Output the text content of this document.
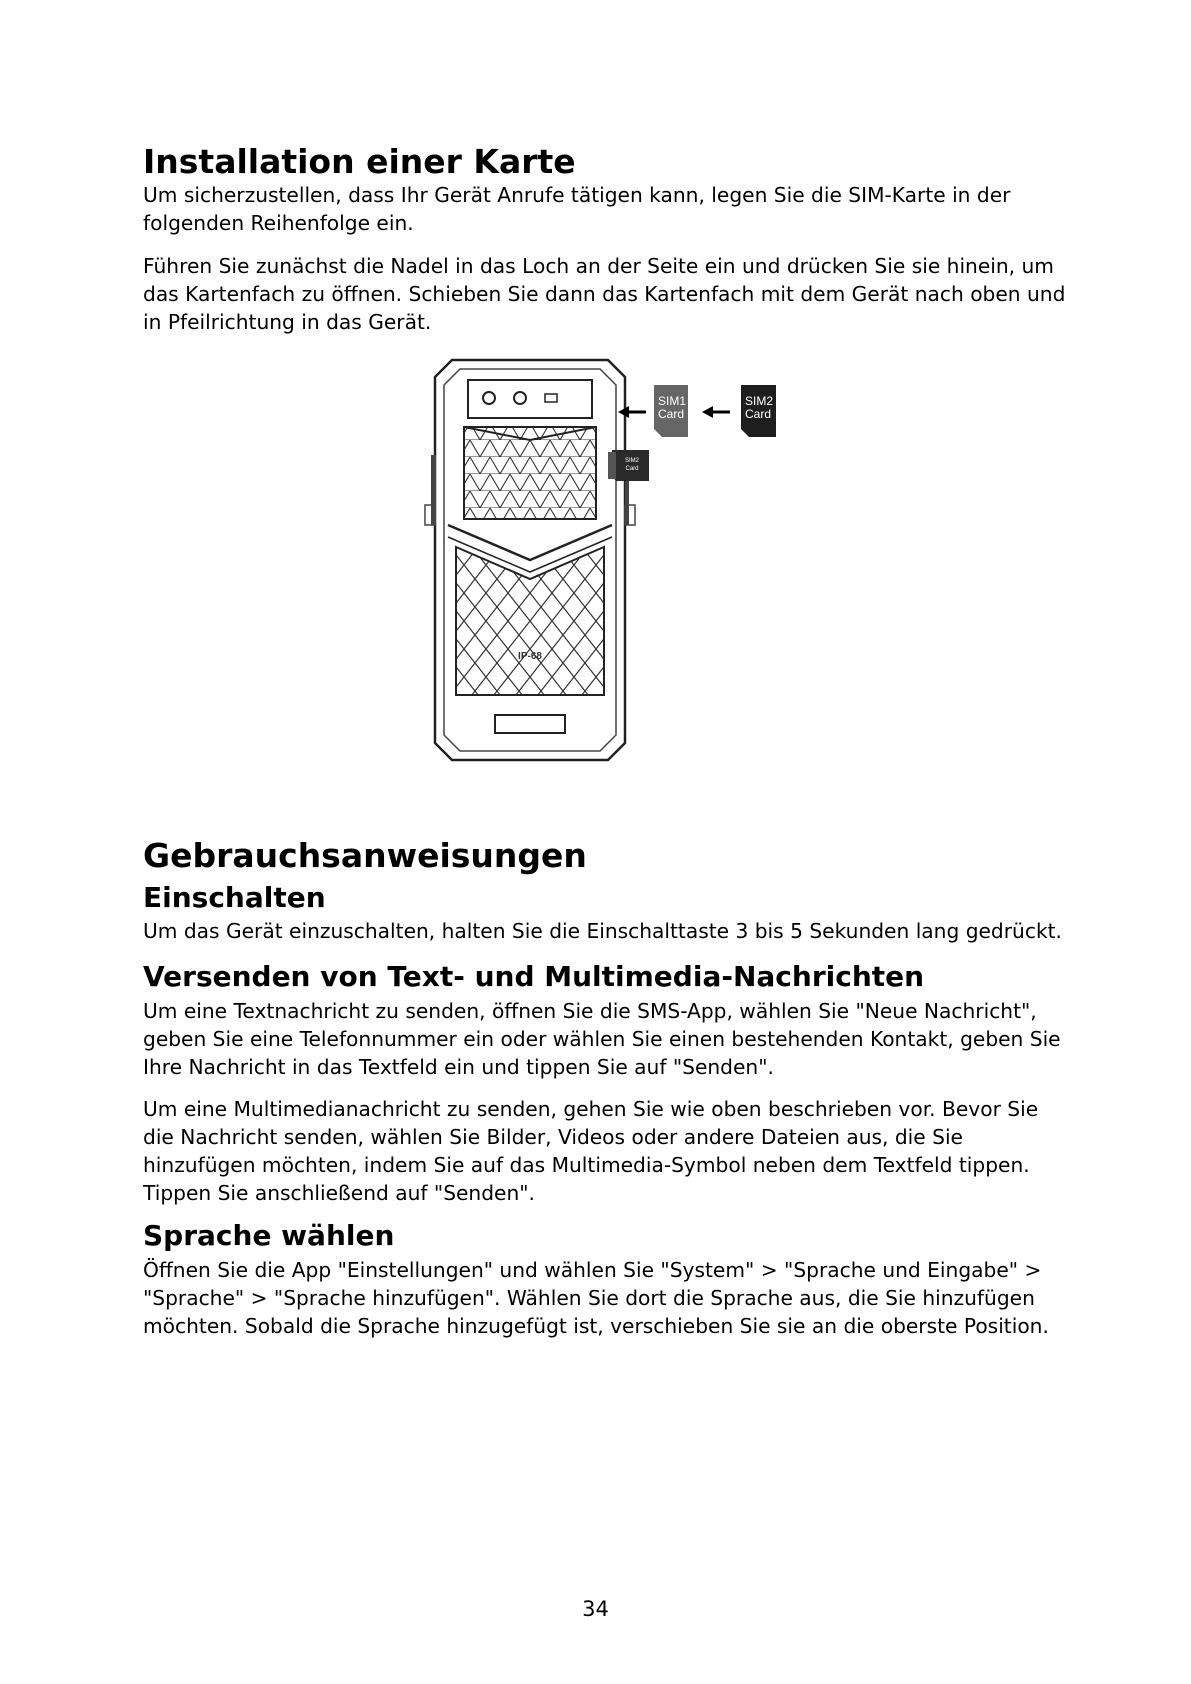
Installation einer Karte

Um sicherzustellen, dass Ihr Gerät Anrufe tätigen kann, legen Sie die SIM-Karte in der folgenden Reihenfolge ein.

Führen Sie zunächst die Nadel in das Loch an der Seite ein und drücken Sie sie hinein, um das Kartenfach zu öffnen. Schieben Sie dann das Kartenfach mit dem Gerät nach oben und in Pfeilrichtung in das Gerät.

IP-68
SIM1
Card
SIM2
Card
SIM2
Card
Gebrauchsanweisungen
Einschalten

Um das Gerät einzuschalten, halten Sie die Einschalttaste 3 bis 5 Sekunden lang gedrückt.

Versenden von Text- und Multimedia-Nachrichten

Um eine Textnachricht zu senden, öffnen Sie die SMS-App, wählen Sie "Neue Nachricht", geben Sie eine Telefonnummer ein oder wählen Sie einen bestehenden Kontakt, geben Sie Ihre Nachricht in das Textfeld ein und tippen Sie auf "Senden".

Um eine Multimedianachricht zu senden, gehen Sie wie oben beschrieben vor. Bevor Sie die Nachricht senden, wählen Sie Bilder, Videos oder andere Dateien aus, die Sie hinzufügen möchten, indem Sie auf das Multimedia-Symbol neben dem Textfeld tippen. Tippen Sie anschließend auf "Senden".

Sprache wählen

Öffnen Sie die App "Einstellungen" und wählen Sie "System" > "Sprache und Eingabe" > "Sprache" > "Sprache hinzufügen". Wählen Sie dort die Sprache aus, die Sie hinzufügen möchten. Sobald die Sprache hinzugefügt ist, verschieben Sie sie an die oberste Position.

34
